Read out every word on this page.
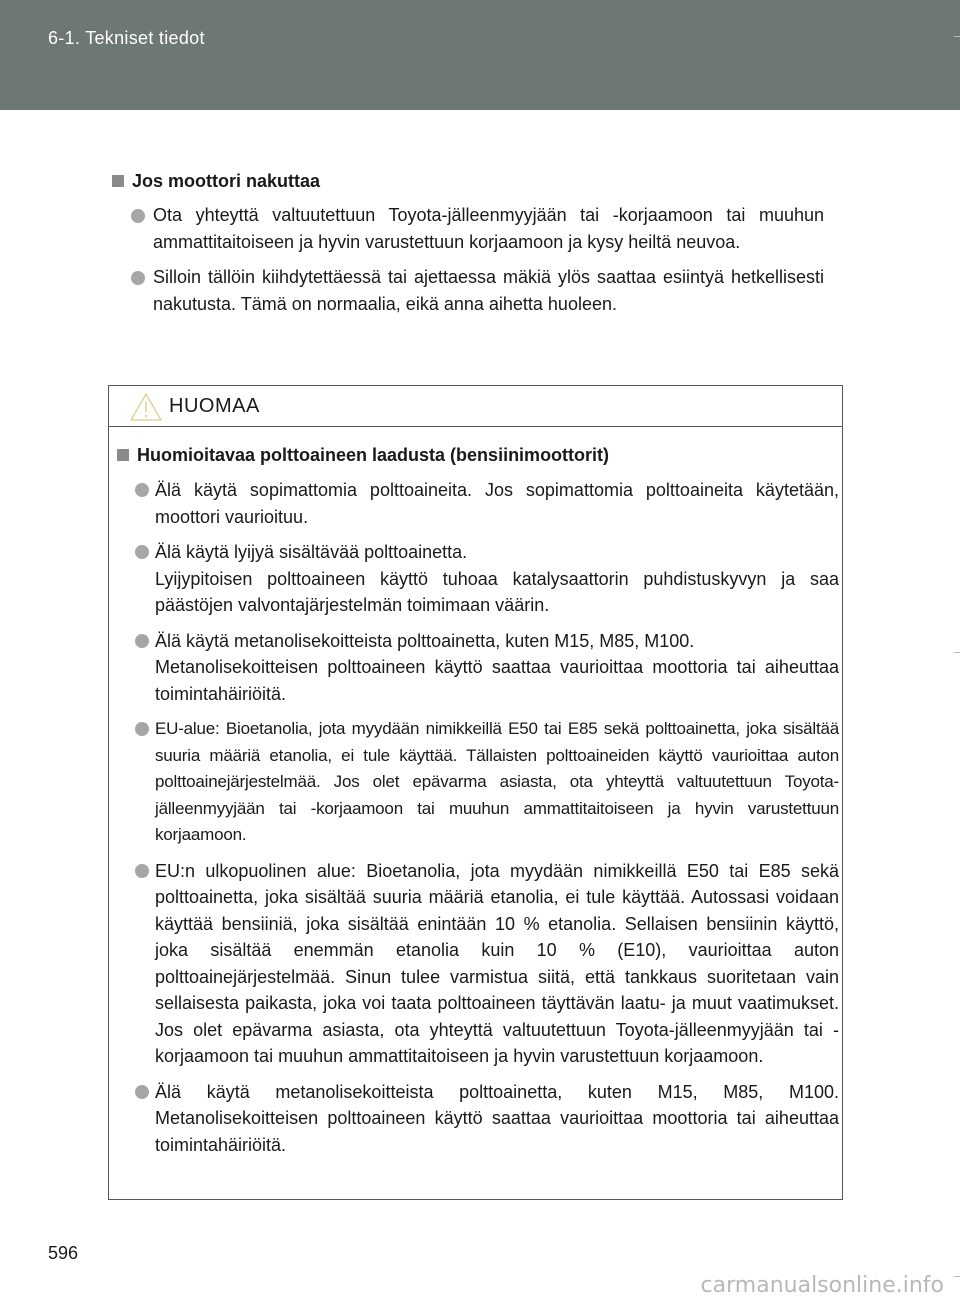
6-1. Tekniset tiedot
Jos moottori nakuttaa
Ota yhteyttä valtuutettuun Toyota-jälleenmyyjään tai -korjaamoon tai muuhun ammattitaitoiseen ja hyvin varustettuun korjaamoon ja kysy heiltä neuvoa.
Silloin tällöin kiihdytettäessä tai ajettaessa mäkiä ylös saattaa esiintyä hetkellisesti nakutusta. Tämä on normaalia, eikä anna aihetta huoleen.
HUOMAA
Huomioitavaa polttoaineen laadusta (bensiinimoottorit)
Älä käytä sopimattomia polttoaineita. Jos sopimattomia polttoaineita käytetään, moottori vaurioituu.
Älä käytä lyijyä sisältävää polttoainetta.
Lyijypitoisen polttoaineen käyttö tuhoaa katalysaattorin puhdistuskyvyn ja saa päästöjen valvontajärjestelmän toimimaan väärin.
Älä käytä metanolisekoitteista polttoainetta, kuten M15, M85, M100.
Metanolisekoitteisen polttoaineen käyttö saattaa vaurioittaa moottoria tai aiheuttaa toimintahäiriöitä.
EU-alue: Bioetanolia, jota myydään nimikkeillä E50 tai E85 sekä polttoainetta, joka sisältää suuria määriä etanolia, ei tule käyttää. Tällaisten polttoaineiden käyttö vaurioittaa auton polttoainejärjestelmää. Jos olet epävarma asiasta, ota yhteyttä valtuutettuun Toyota-jälleenmyyjään tai -korjaamoon tai muuhun ammattitaitoiseen ja hyvin varustettuun korjaamoon.
EU:n ulkopuolinen alue: Bioetanolia, jota myydään nimikkeillä E50 tai E85 sekä polttoainetta, joka sisältää suuria määriä etanolia, ei tule käyttää. Autossasi voidaan käyttää bensiiniä, joka sisältää enintään 10 % etanolia. Sellaisen bensiinin käyttö, joka sisältää enemmän etanolia kuin 10 % (E10), vaurioittaa auton polttoainejärjestelmää. Sinun tulee varmistua siitä, että tankkaus suoritetaan vain sellaisesta paikasta, joka voi taata polttoaineen täyttävän laatu- ja muut vaatimukset. Jos olet epävarma asiasta, ota yhteyttä valtuutettuun Toyota-jälleenmyyjään tai -korjaamoon tai muuhun ammattitaitoiseen ja hyvin varustettuun korjaamoon.
Älä käytä metanolisekoitteista polttoainetta, kuten M15, M85, M100. Metanolisekoitteisen polttoaineen käyttö saattaa vaurioittaa moottoria tai aiheuttaa toimintahäiriöitä.
596
carmanualsonline.info
